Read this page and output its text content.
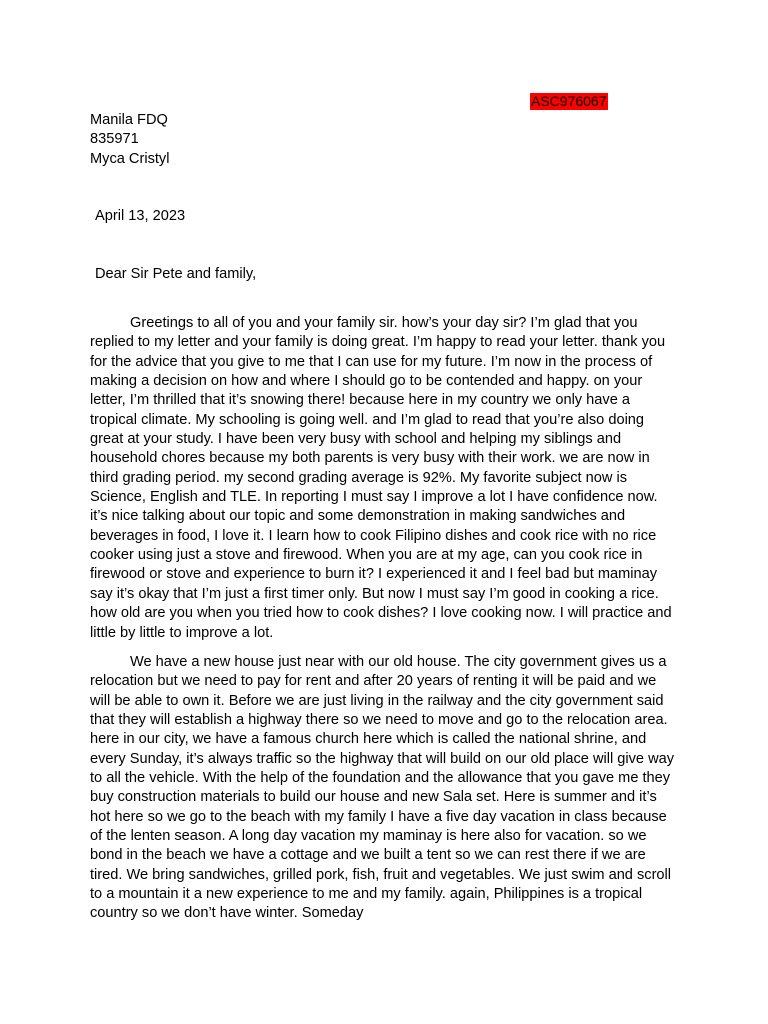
ASC976067
Manila FDQ
835971
Myca Cristyl
April 13, 2023
Dear Sir Pete and family,

Greetings to all of you and your family sir. how’s your day sir? I’m glad that you replied to my letter and your family is doing great. I’m happy to read your letter. thank you for the advice that you give to me that I can use for my future. I’m now in the process of making a decision on how and where I should go to be contended and happy. on your letter, I’m thrilled that it’s snowing there! because here in my country we only have a tropical climate. My schooling is going well. and I’m glad to read that you’re also doing great at your study. I have been very busy with school and helping my siblings and household chores because my both parents is very busy with their work. we are now in third grading period. my second grading average is 92%. My favorite subject now is Science, English and TLE. In reporting I must say I improve a lot I have confidence now. it’s nice talking about our topic and some demonstration in making sandwiches and beverages in food, I love it. I learn how to cook Filipino dishes and cook rice with no rice cooker using just a stove and firewood. When you are at my age, can you cook rice in firewood or stove and experience to burn it? I experienced it and I feel bad but maminay say it’s okay that I’m just a first timer only. But now I must say I’m good in cooking a rice. how old are you when you tried how to cook dishes? I love cooking now. I will practice and little by little to improve a lot.

We have a new house just near with our old house. The city government gives us a relocation but we need to pay for rent and after 20 years of renting it will be paid and we will be able to own it. Before we are just living in the railway and the city government said that they will establish a highway there so we need to move and go to the relocation area. here in our city, we have a famous church here which is called the national shrine, and every Sunday, it’s always traffic so the highway that will build on our old place will give way to all the vehicle. With the help of the foundation and the allowance that you gave me they buy construction materials to build our house and new Sala set. Here is summer and it’s hot here so we go to the beach with my family I have a five day vacation in class because of the lenten season. A long day vacation my maminay is here also for vacation. so we bond in the beach we have a cottage and we built a tent so we can rest there if we are tired. We bring sandwiches, grilled pork, fish, fruit and vegetables. We just swim and scroll to a mountain it a new experience to me and my family. again, Philippines is a tropical country so we don’t have winter. Someday
